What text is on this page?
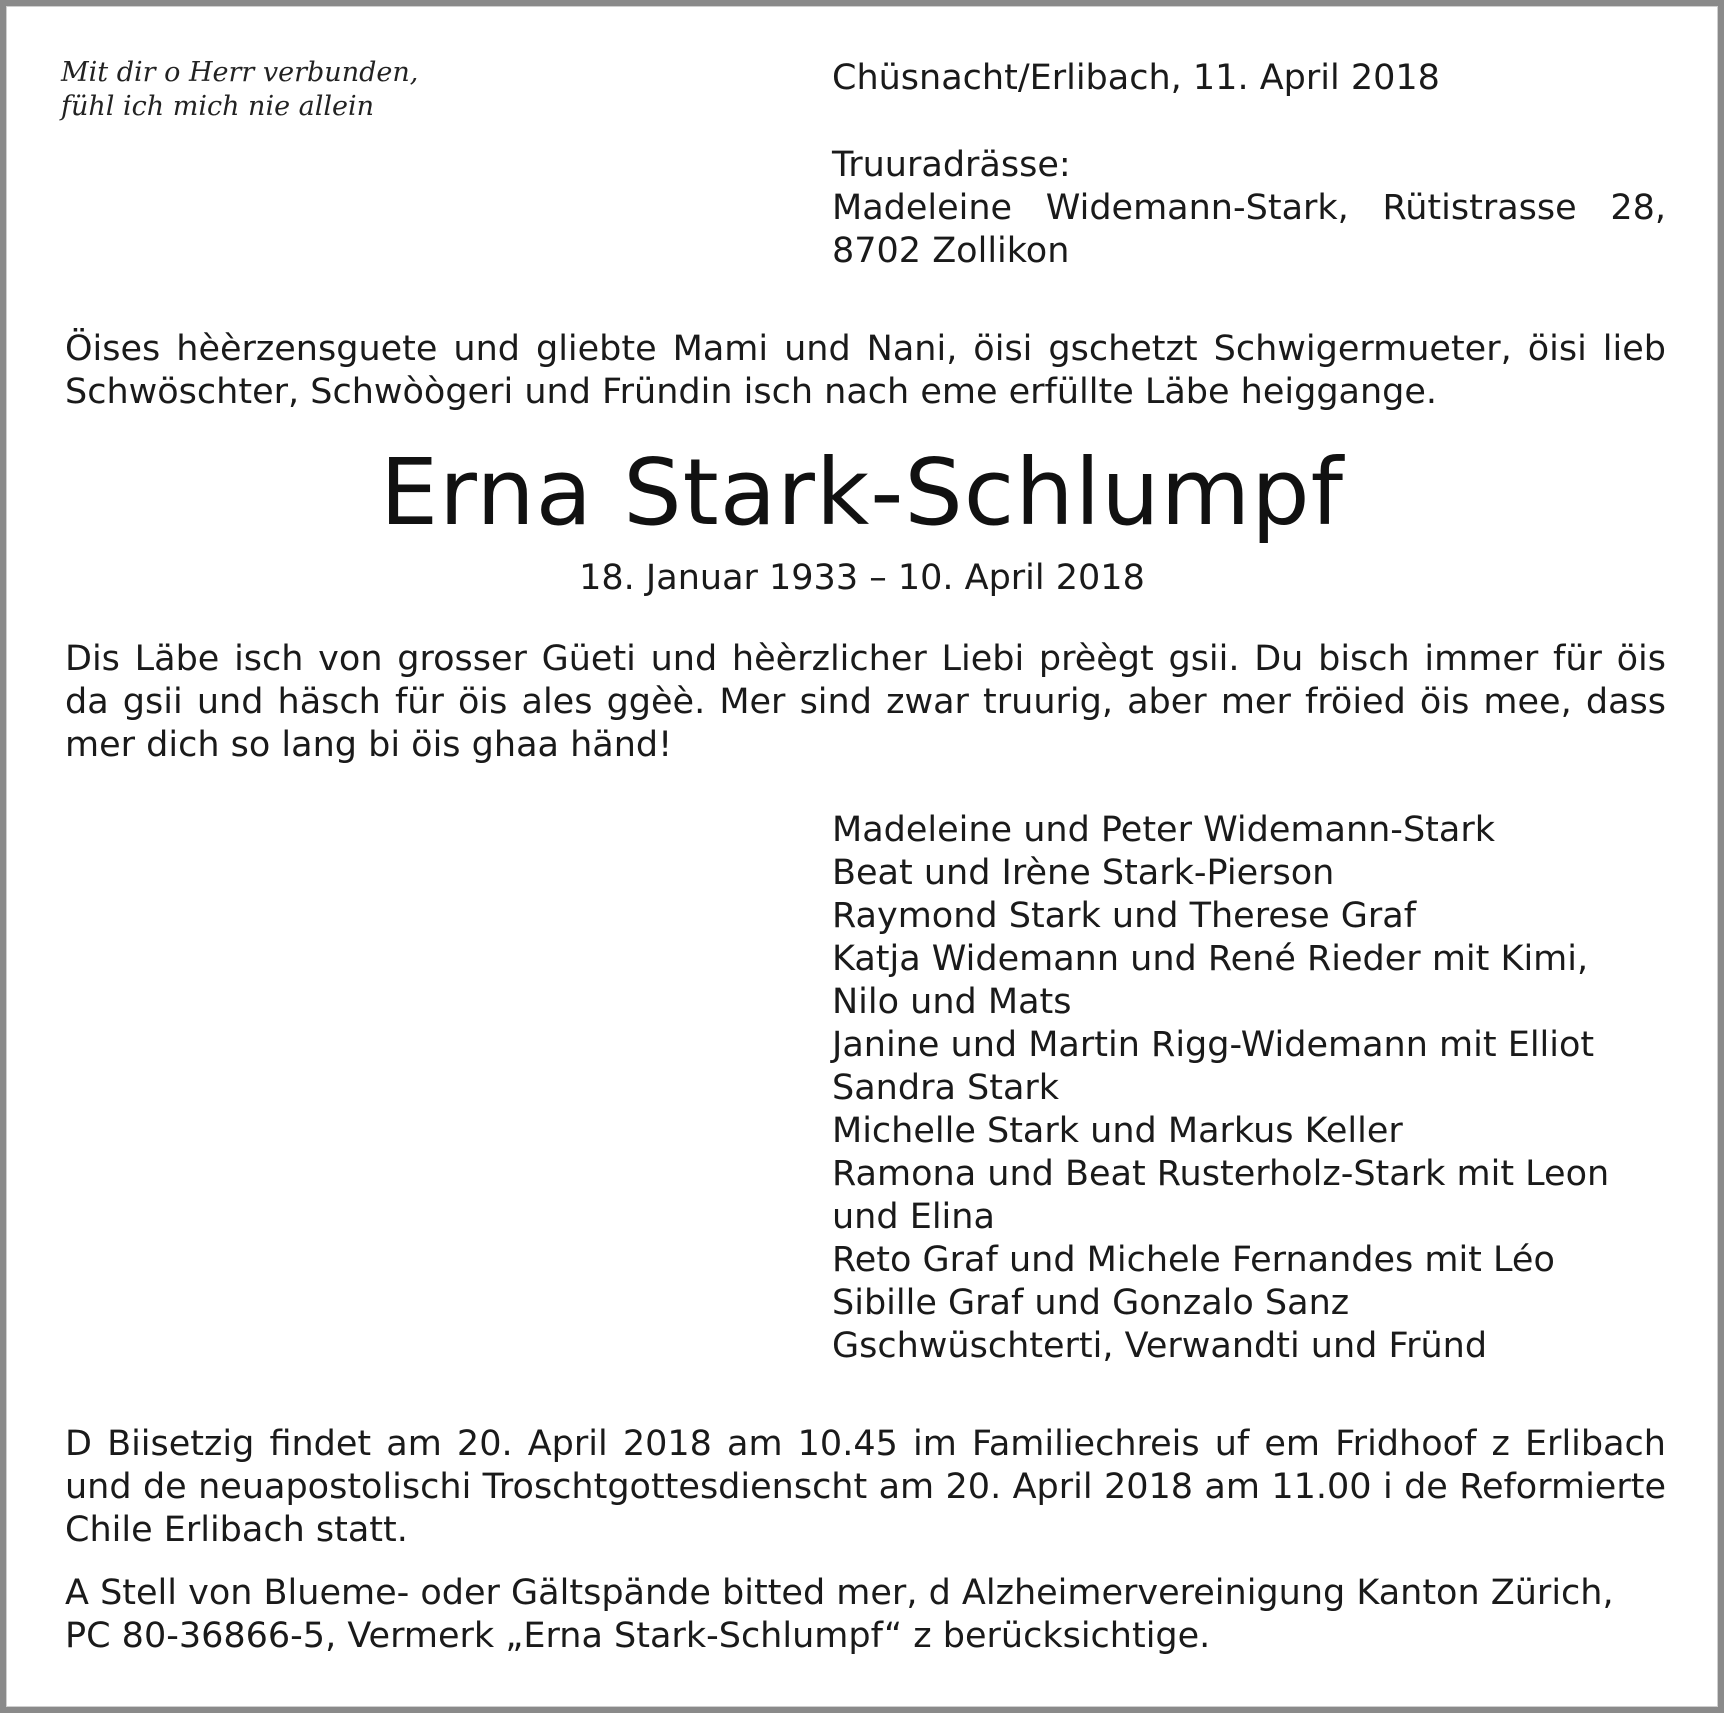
Mit dir o Herr verbunden,
fühl ich mich nie allein
Chüsnacht/Erlibach, 11. April 2018
Truuradrässe:
Madeleine Widemann-Stark, Rütistrasse 28,
8702 Zollikon
Öises hèèrzensguete und gliebte Mami und Nani, öisi gschetzt Schwigermueter, öisi lieb Schwöschter, Schwòògeri und Fründin isch nach eme erfüllte Läbe heiggange.
Erna Stark-Schlumpf
18. Januar 1933 – 10. April 2018
Dis Läbe isch von grosser Güeti und hèèrzlicher Liebi prèègt gsii. Du bisch immer für öis da gsii und häsch für öis ales ggèè. Mer sind zwar truurig, aber mer fröied öis mee, dass mer dich so lang bi öis ghaa händ!
Madeleine und Peter Widemann-Stark
Beat und Irène Stark-Pierson
Raymond Stark und Therese Graf
Katja Widemann und René Rieder mit Kimi,
Nilo und Mats
Janine und Martin Rigg-Widemann mit Elliot
Sandra Stark
Michelle Stark und Markus Keller
Ramona und Beat Rusterholz-Stark mit Leon
und Elina
Reto Graf und Michele Fernandes mit Léo
Sibille Graf und Gonzalo Sanz
Gschwüschterti, Verwandti und Fründ
D Biisetzig findet am 20. April 2018 am 10.45 im Familiechreis uf em Fridhoof z Erlibach und de neuapostolischi Troschtgottesdienscht am 20. April 2018 am 11.00 i de Reformierte Chile Erlibach statt.
A Stell von Blueme- oder Gältspände bitted mer, d Alzheimervereinigung Kanton Zürich, PC 80-36866-5, Vermerk „Erna Stark-Schlumpf“ z berücksichtige.
